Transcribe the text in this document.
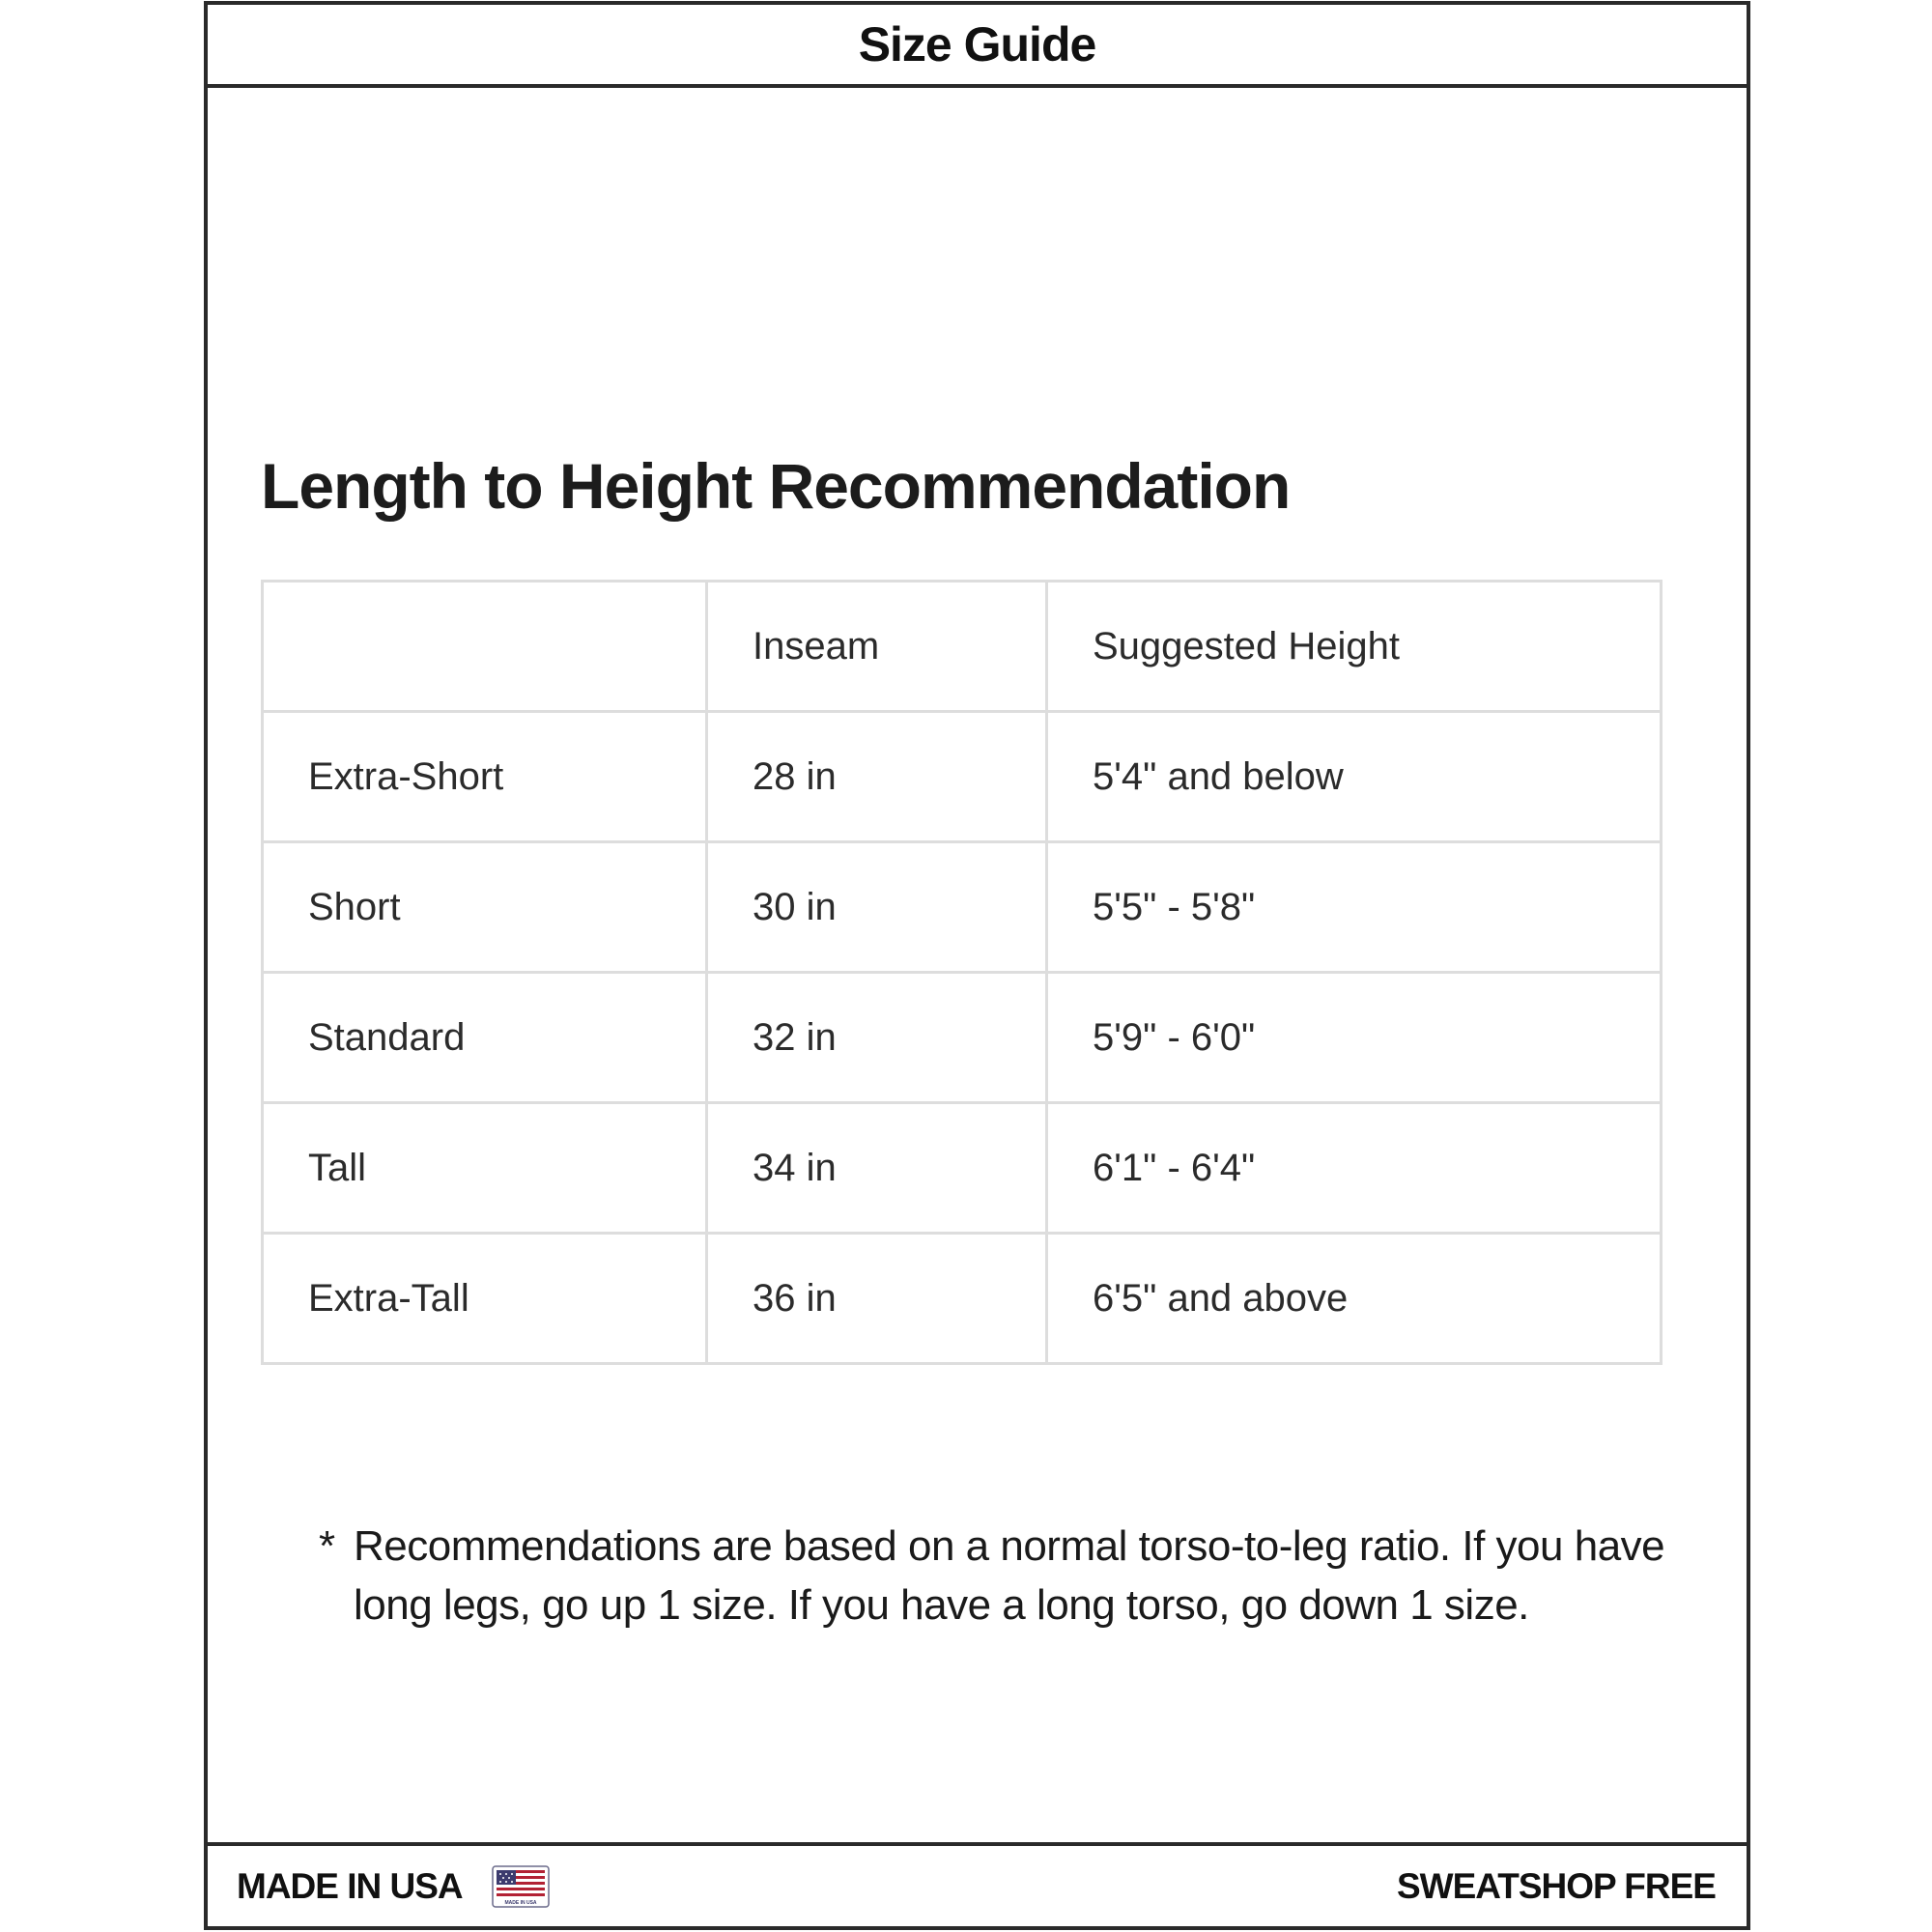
Size Guide
Length to Height Recommendation
	Inseam	Suggested Height
Extra-Short	28 in	5'4" and below
Short	30 in	5'5" - 5'8"
Standard	32 in	5'9" - 6'0"
Tall	34 in	6'1" - 6'4"
Extra-Tall	36 in	6'5" and above
* Recommendations are based on a normal torso-to-leg ratio. If you have long legs, go up 1 size. If you have a long torso, go down 1 size.
MADE IN USA	MADE IN USA	SWEATSHOP FREE
